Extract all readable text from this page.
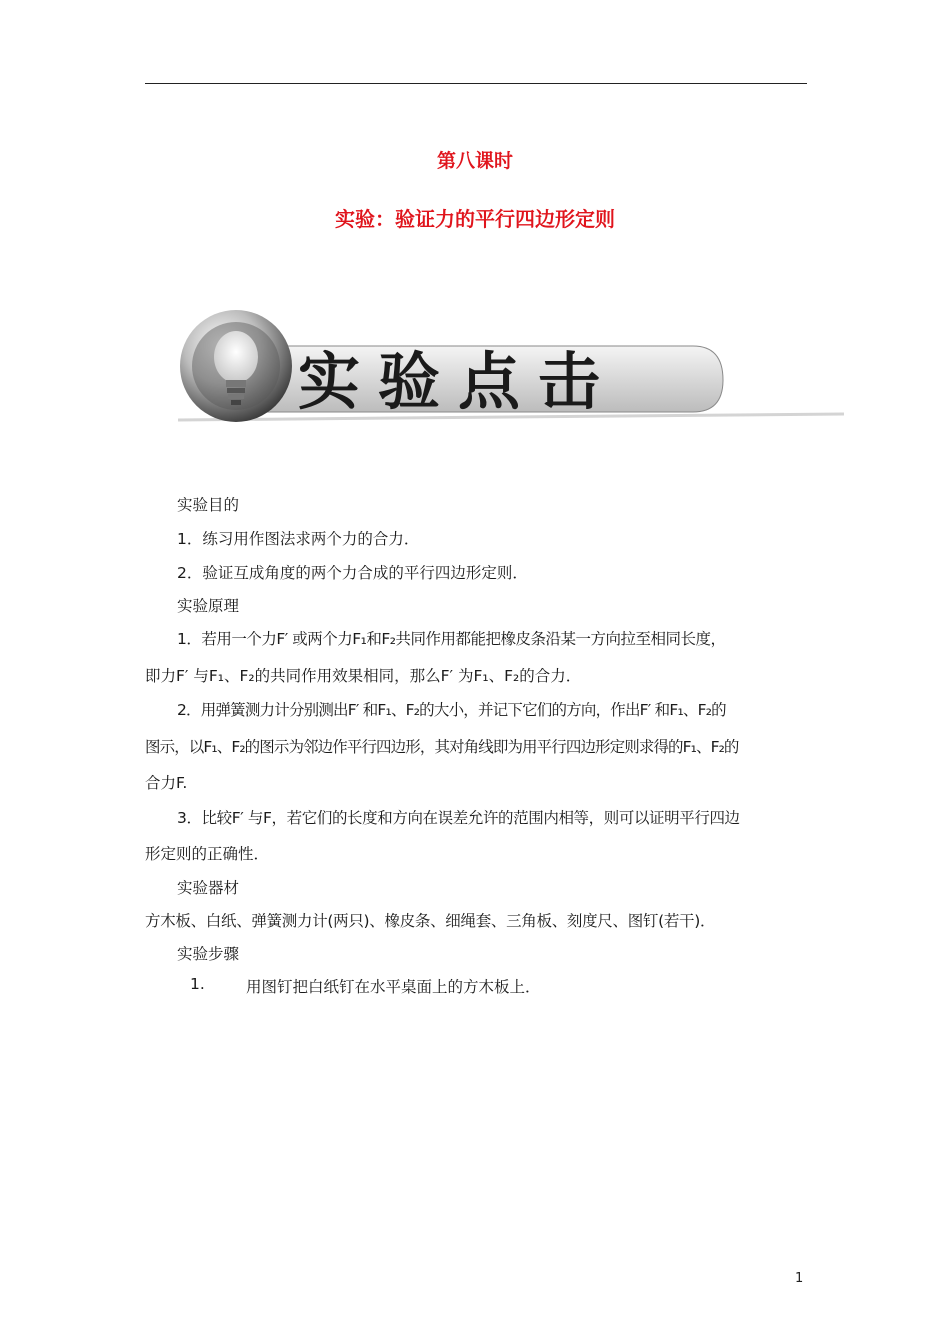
第八课时
实验：验证力的平行四边形定则
实验点击
实验目的
1．练习用作图法求两个力的合力．
2．验证互成角度的两个力合成的平行四边形定则．
实验原理
1．若用一个力F′ 或两个力F₁和F₂共同作用都能把橡皮条沿某一方向拉至相同长度，
即力F′ 与F₁、F₂的共同作用效果相同，那么F′ 为F₁、F₂的合力．
2．用弹簧测力计分别测出F′ 和F₁、F₂的大小，并记下它们的方向，作出F′ 和F₁、F₂的
图示，以F₁、F₂的图示为邻边作平行四边形，其对角线即为用平行四边形定则求得的F₁、F₂的
合力F.
3．比较F′ 与F，若它们的长度和方向在误差允许的范围内相等，则可以证明平行四边
形定则的正确性．
实验器材
方木板、白纸、弹簧测力计(两只)、橡皮条、细绳套、三角板、刻度尺、图钉(若干)．
实验步骤
1.	用图钉把白纸钉在水平桌面上的方木板上．
1
